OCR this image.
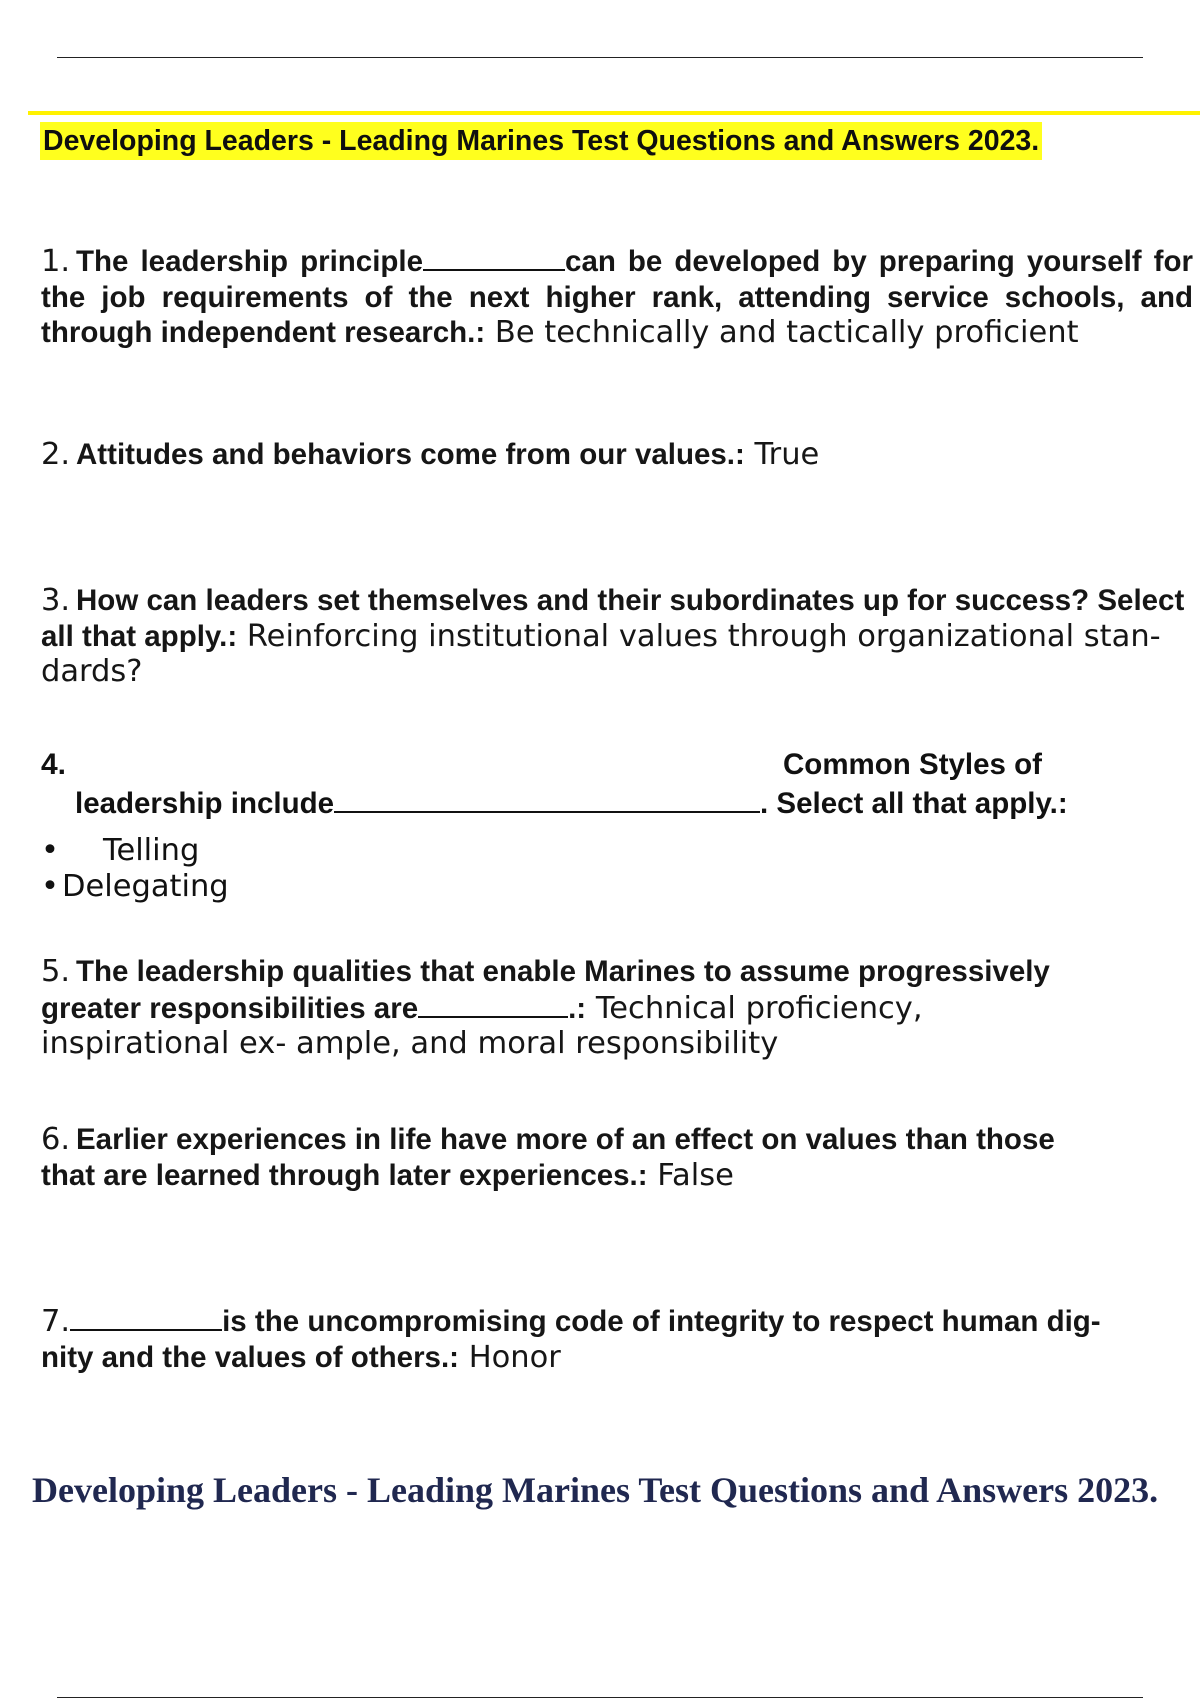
Developing Leaders - Leading Marines Test Questions and Answers 2023.
1. The leadership principle	can be developed by preparing yourself for the job requirements of the next higher rank, attending service schools, and through independent research.: Be technically and tactically proficient
2. Attitudes and behaviors come from our values.: True
3. How can leaders set themselves and their subordinates up for success? Select all that apply.: Reinforcing institutional values through organizational stan- dards?
4.	Common Styles of
leadership include	. Select all that apply.:
• Telling
•Delegating
5. The leadership qualities that enable Marines to assume progressively
greater responsibilities are	.: Technical proficiency,
inspirational ex- ample, and moral responsibility
6. Earlier experiences in life have more of an effect on values than those
that are learned through later experiences.: False
7.	is the uncompromising code of integrity to respect human dig-
nity and the values of others.: Honor
Developing Leaders - Leading Marines Test Questions and Answers 2023.
